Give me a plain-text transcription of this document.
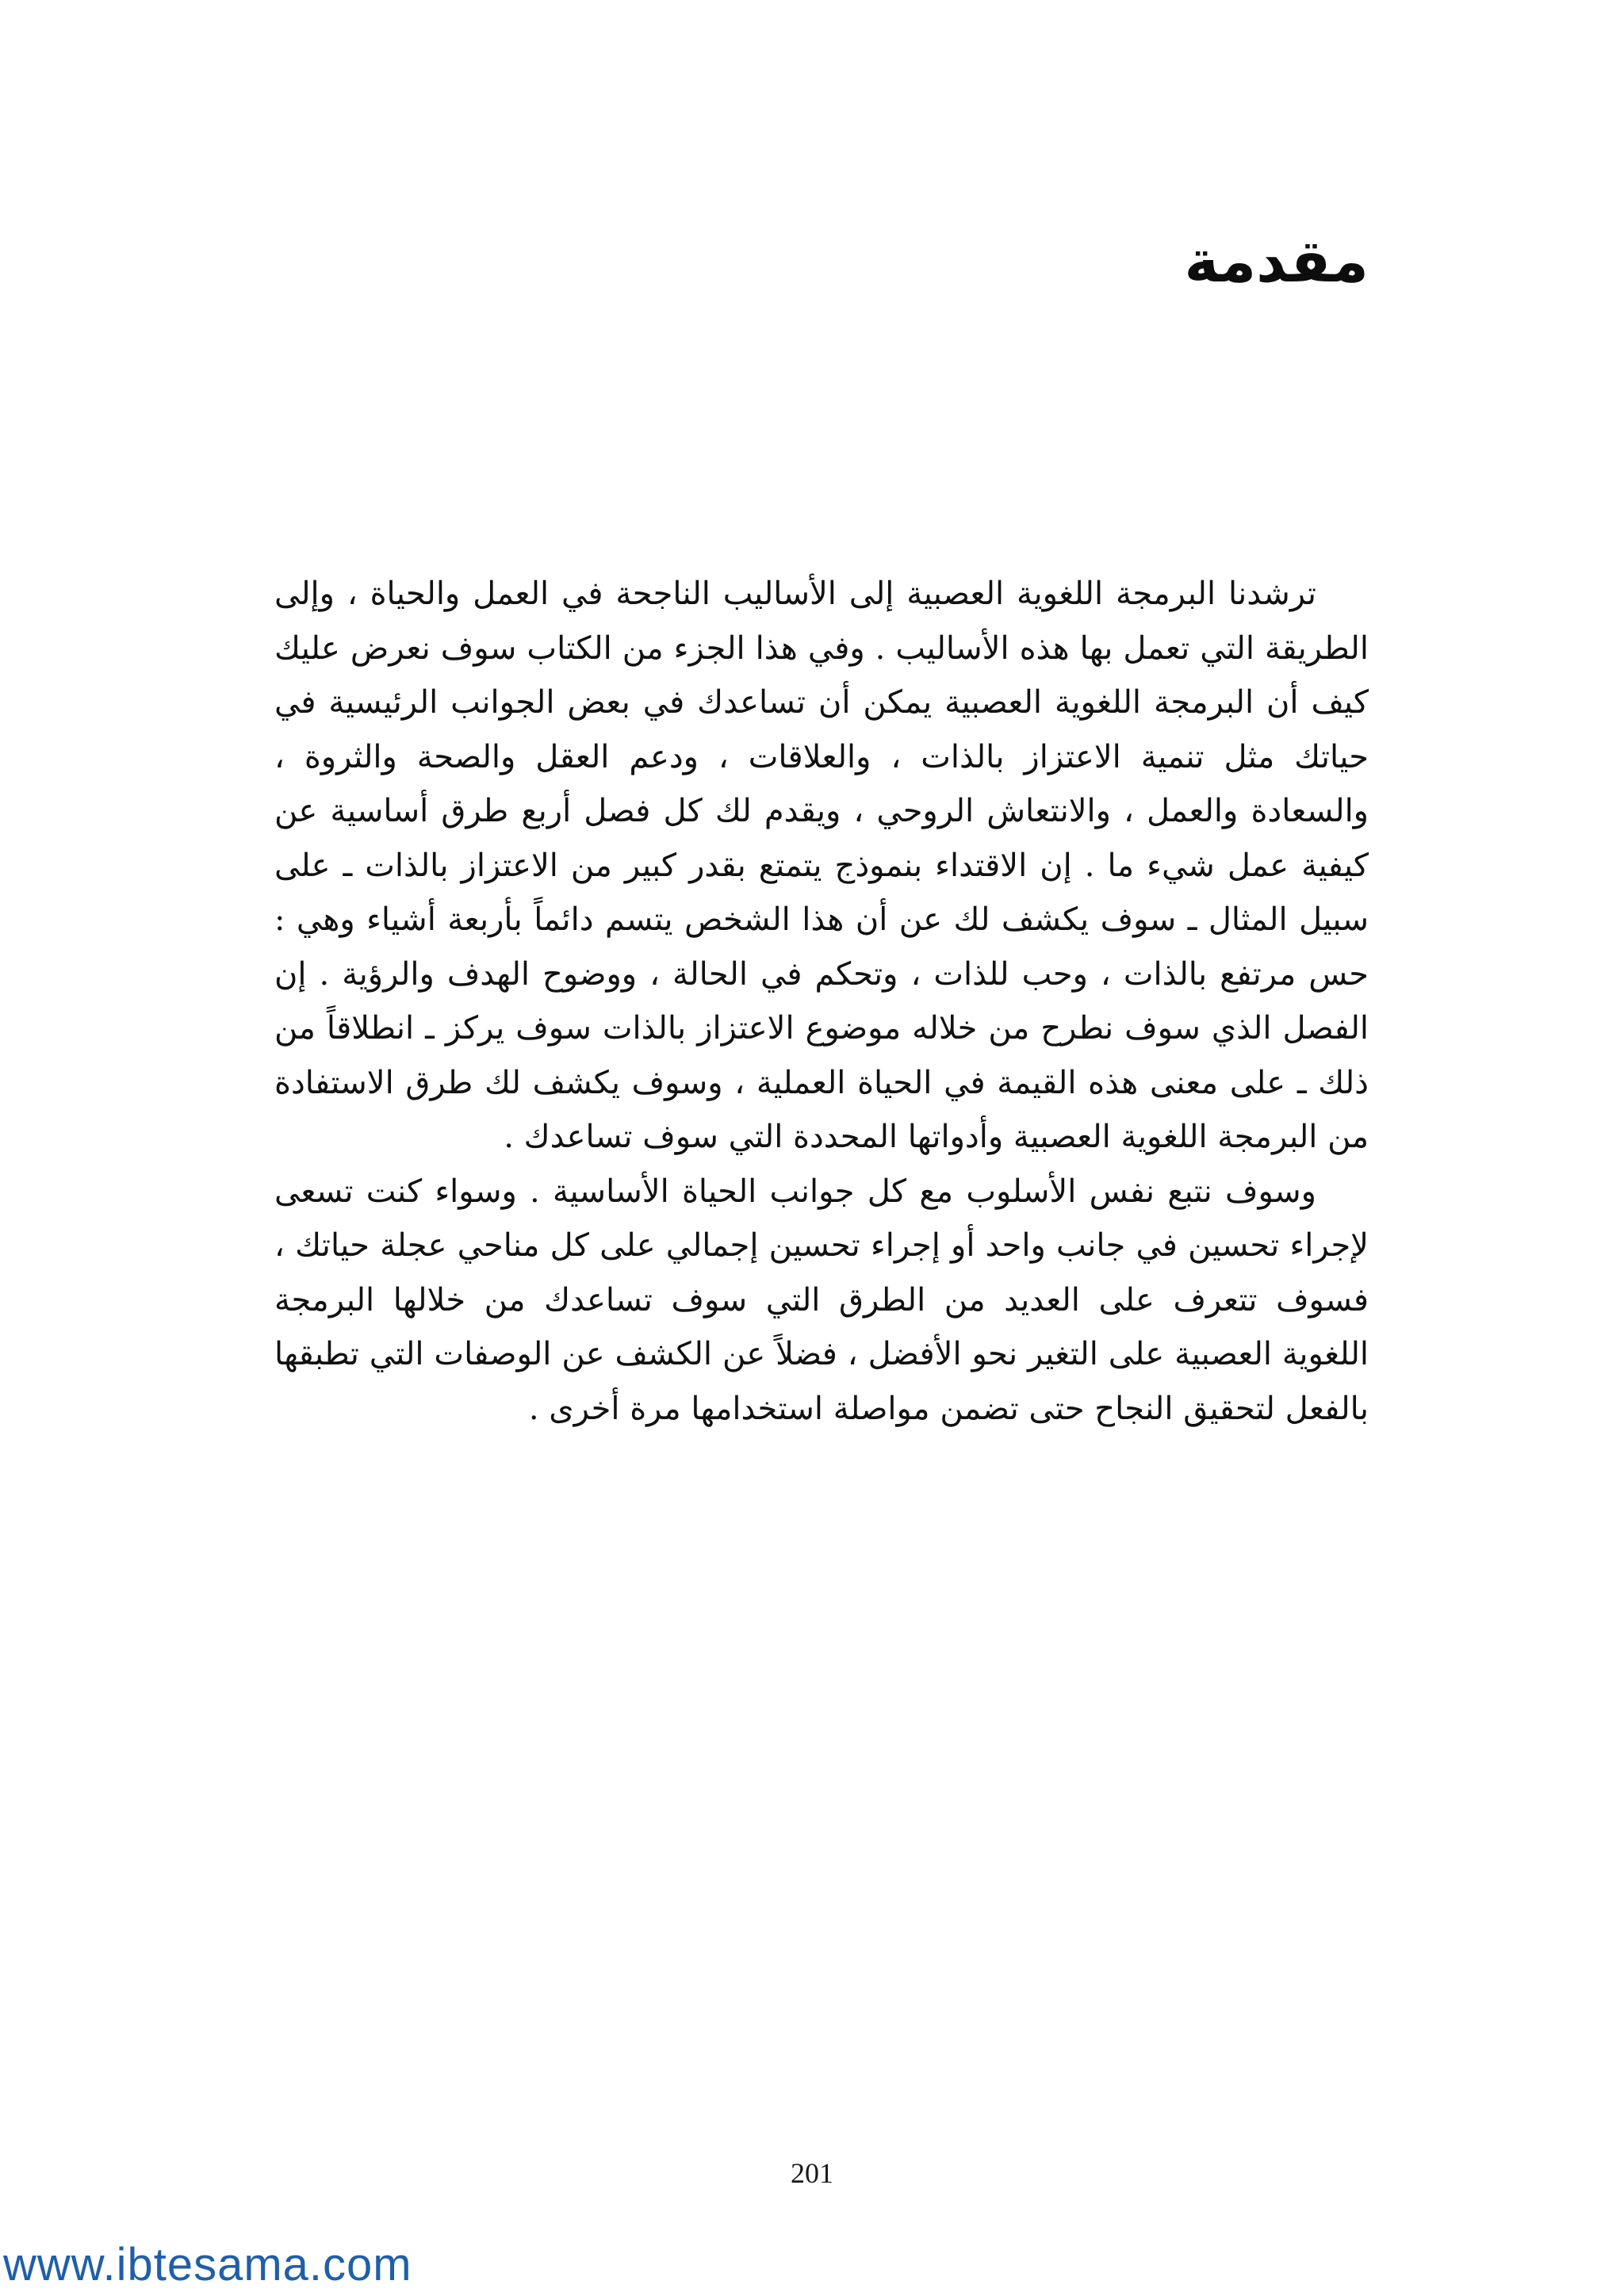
مقدمة

ترشدنا البرمجة اللغوية العصبية إلى الأساليب الناجحة في العمل والحياة ، وإلى الطريقة التي تعمل بها هذه الأساليب . وفي هذا الجزء من الكتاب سوف نعرض عليك كيف أن البرمجة اللغوية العصبية يمكن أن تساعدك في بعض الجوانب الرئيسية في حياتك مثل تنمية الاعتزاز بالذات ، والعلاقات ، ودعم العقل والصحة والثروة ، والسعادة والعمل ، والانتعاش الروحي ، ويقدم لك كل فصل أربع طرق أساسية عن كيفية عمل شيء ما . إن الاقتداء بنموذج يتمتع بقدر كبير من الاعتزاز بالذات ـ على سبيل المثال ـ سوف يكشف لك عن أن هذا الشخص يتسم دائماً بأربعة أشياء وهي : حس مرتفع بالذات ، وحب للذات ، وتحكم في الحالة ، ووضوح الهدف والرؤية . إن الفصل الذي سوف نطرح من خلاله موضوع الاعتزاز بالذات سوف يركز ـ انطلاقاً من ذلك ـ على معنى هذه القيمة في الحياة العملية ، وسوف يكشف لك طرق الاستفادة من البرمجة اللغوية العصبية وأدواتها المحددة التي سوف تساعدك .

وسوف نتبع نفس الأسلوب مع كل جوانب الحياة الأساسية . وسواء كنت تسعى لإجراء تحسين في جانب واحد أو إجراء تحسين إجمالي على كل مناحي عجلة حياتك ، فسوف تتعرف على العديد من الطرق التي سوف تساعدك من خلالها البرمجة اللغوية العصبية على التغير نحو الأفضل ، فضلاً عن الكشف عن الوصفات التي تطبقها بالفعل لتحقيق النجاح حتى تضمن مواصلة استخدامها مرة أخرى .

201
www.ibtesama.com
